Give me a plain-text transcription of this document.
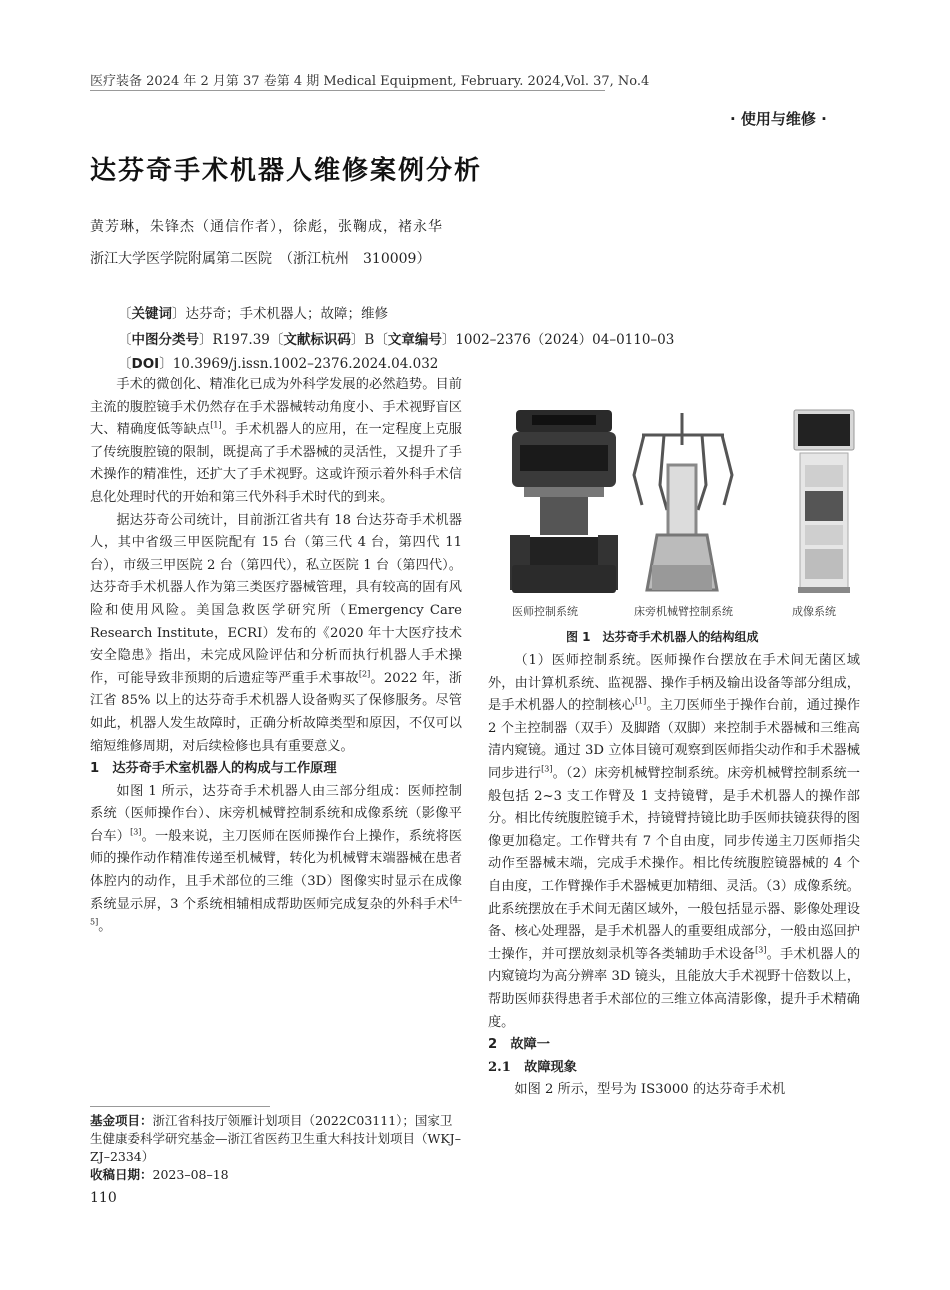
医疗装备 2024 年 2 月第 37 卷第 4 期 Medical Equipment, February. 2024,Vol. 37, No.4
· 使用与维修 ·
达芬奇手术机器人维修案例分析
黄芳琳，朱锋杰（通信作者），徐彪，张鞠成，褚永华
浙江大学医学院附属第二医院　（浙江杭州　310009）
〔关键词〕达芬奇；手术机器人；故障；维修
〔中图分类号〕R197.39〔文献标识码〕B〔文章编号〕1002–2376（2024）04–0110–03
〔DOI〕10.3969/j.issn.1002–2376.2024.04.032

手术的微创化、精准化已成为外科学发展的必然趋势。目前主流的腹腔镜手术仍然存在手术器械转动角度小、手术视野盲区大、精确度低等缺点[1]。手术机器人的应用，在一定程度上克服了传统腹腔镜的限制，既提高了手术器械的灵活性，又提升了手术操作的精准性，还扩大了手术视野。这或许预示着外科手术信息化处理时代的开始和第三代外科手术时代的到来。

据达芬奇公司统计，目前浙江省共有 18 台达芬奇手术机器人，其中省级三甲医院配有 15 台（第三代 4 台，第四代 11 台），市级三甲医院 2 台（第四代），私立医院 1 台（第四代）。达芬奇手术机器人作为第三类医疗器械管理，具有较高的固有风险和使用风险。美国急救医学研究所（Emergency Care Research Institute，ECRI）发布的《2020 年十大医疗技术安全隐患》指出，未完成风险评估和分析而执行机器人手术操作，可能导致非预期的后遗症等严重手术事故[2]。2022 年，浙江省 85% 以上的达芬奇手术机器人设备购买了保修服务。尽管如此，机器人发生故障时，正确分析故障类型和原因，不仅可以缩短维修周期，对后续检修也具有重要意义。

1　达芬奇手术室机器人的构成与工作原理

如图 1 所示，达芬奇手术机器人由三部分组成：医师控制系统（医师操作台）、床旁机械臂控制系统和成像系统（影像平台车）[3]。一般来说，主刀医师在医师操作台上操作，系统将医师的操作动作精准传递至机械臂，转化为机械臂末端器械在患者体腔内的动作，且手术部位的三维（3D）图像实时显示在成像系统显示屏，3 个系统相辅相成帮助医师完成复杂的外科手术[4–5]。

医师控制系统	床旁机械臂控制系统	成像系统
图 1　达芬奇手术机器人的结构组成

（1）医师控制系统。医师操作台摆放在手术间无菌区域外，由计算机系统、监视器、操作手柄及输出设备等部分组成，是手术机器人的控制核心[1]。主刀医师坐于操作台前，通过操作 2 个主控制器（双手）及脚踏（双脚）来控制手术器械和三维高清内窥镜。通过 3D 立体目镜可观察到医师指尖动作和手术器械同步进行[3]。（2）床旁机械臂控制系统。床旁机械臂控制系统一般包括 2~3 支工作臂及 1 支持镜臂，是手术机器人的操作部分。相比传统腹腔镜手术，持镜臂持镜比助手医师扶镜获得的图像更加稳定。工作臂共有 7 个自由度，同步传递主刀医师指尖动作至器械末端，完成手术操作。相比传统腹腔镜器械的 4 个自由度，工作臂操作手术器械更加精细、灵活。（3）成像系统。此系统摆放在手术间无菌区域外，一般包括显示器、影像处理设备、核心处理器，是手术机器人的重要组成部分，一般由巡回护士操作，并可摆放刻录机等各类辅助手术设备[3]。手术机器人的内窥镜均为高分辨率 3D 镜头，且能放大手术视野十倍数以上，帮助医师获得患者手术部位的三维立体高清影像，提升手术精确度。

2　故障一

2.1　故障现象

如图 2 所示，型号为 IS3000 的达芬奇手术机

基金项目：浙江省科技厅领雁计划项目（2022C03111）；国家卫生健康委科学研究基金—浙江省医药卫生重大科技计划项目（WKJ–ZJ–2334）
收稿日期：2023–08–18
110
